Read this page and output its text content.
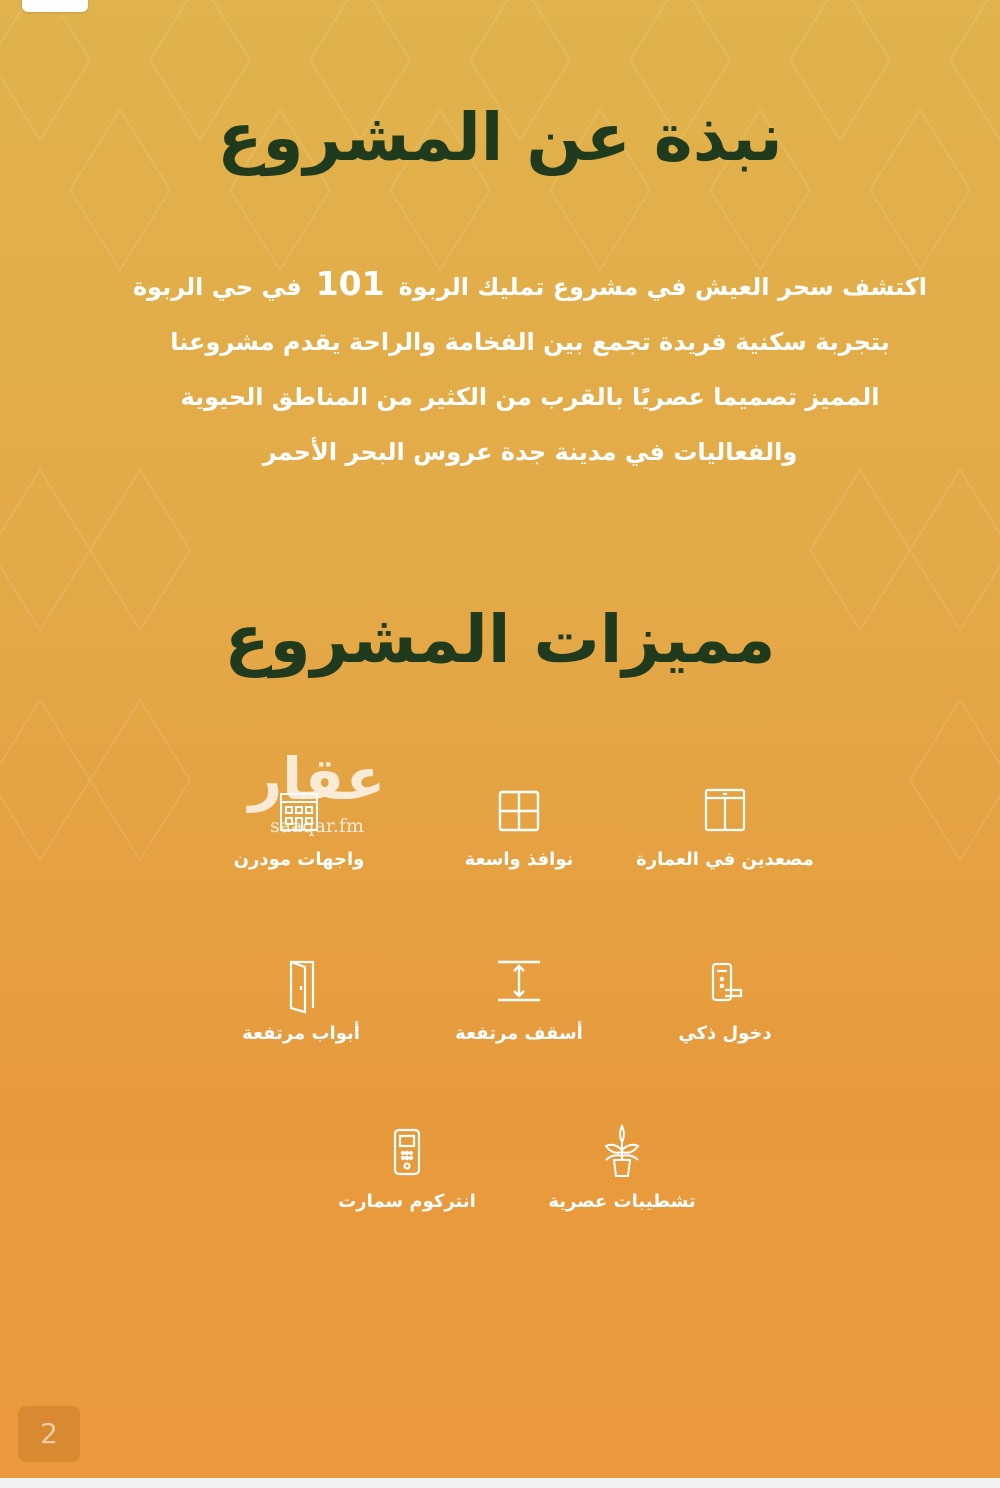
نبذة عن المشروع
اكتشف سحر العيش في مشروع تمليك الربوة101في حي الربوة
بتجربة سكنية فريدة تجمع بين الفخامة والراحة يقدم مشروعنا
المميز تصميما عصريًا بالقرب من الكثير من المناطق الحيوية
والفعاليات في مدينة جدة عروس البحر الأحمر
مميزات المشروع
مصعدين في العمارة
نوافذ واسعة
واجهات مودرن
دخول ذكي
أسقف مرتفعة
أبواب مرتفعة
تشطيبات عصرية
انتركوم سمارت
عقار
saaqar.fm
2
